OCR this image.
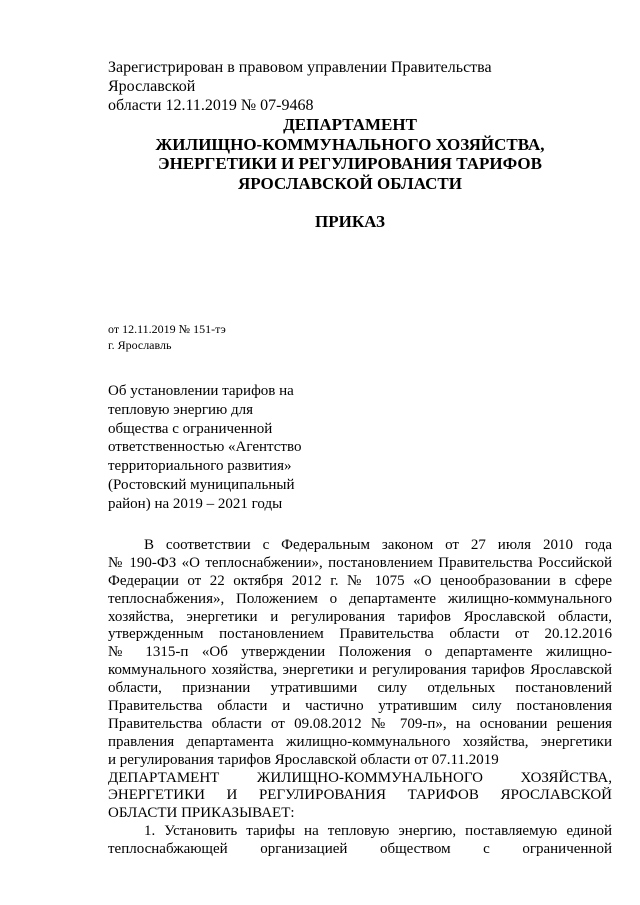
Зарегистрирован в правовом управлении Правительства Ярославской
области 12.11.2019 № 07-9468
ДЕПАРТАМЕНТ
ЖИЛИЩНО-КОММУНАЛЬНОГО ХОЗЯЙСТВА,
ЭНЕРГЕТИКИ И РЕГУЛИРОВАНИЯ ТАРИФОВ
ЯРОСЛАВСКОЙ ОБЛАСТИ
ПРИКАЗ
от 12.11.2019 № 151-тэ
г. Ярославль
Об установлении тарифов на
тепловую энергию для
общества с ограниченной
ответственностью «Агентство
территориального развития»
(Ростовский муниципальный
район) на 2019 – 2021 годы
В соответствии с Федеральным законом от 27 июля 2010 года
№ 190-ФЗ «О теплоснабжении», постановлением Правительства Российской
Федерации от 22 октября 2012 г. № 1075 «О ценообразовании в сфере
теплоснабжения», Положением о департаменте жилищно-коммунального
хозяйства, энергетики и регулирования тарифов Ярославской области,
утвержденным постановлением Правительства области от 20.12.2016
№ 1315-п «Об утверждении Положения о департаменте жилищно-
коммунального хозяйства, энергетики и регулирования тарифов Ярославской
области, признании утратившими силу отдельных постановлений
Правительства области и частично утратившим силу постановления
Правительства области от 09.08.2012 № 709-п», на основании решения
правления департамента жилищно-коммунального хозяйства, энергетики
и регулирования тарифов Ярославской области от 07.11.2019
ДЕПАРТАМЕНТ ЖИЛИЩНО-КОММУНАЛЬНОГО ХОЗЯЙСТВА,
ЭНЕРГЕТИКИ И РЕГУЛИРОВАНИЯ ТАРИФОВ ЯРОСЛАВСКОЙ
ОБЛАСТИ ПРИКАЗЫВАЕТ:
1. Установить тарифы на тепловую энергию, поставляемую единой
теплоснабжающей организацией обществом с ограниченной
